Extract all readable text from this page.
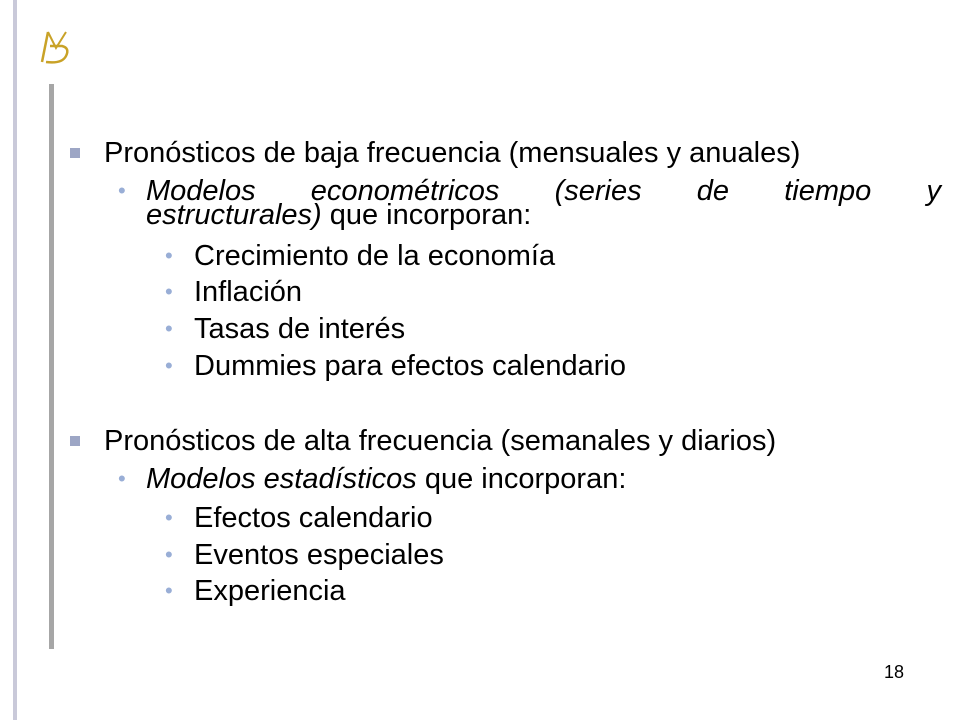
Pronósticos de baja frecuencia (mensuales y anuales)
• Modelos econométricos (series de tiempo y
estructurales) que incorporan:
• Crecimiento de la economía
• Inflación
• Tasas de interés
• Dummies para efectos calendario
Pronósticos de alta frecuencia (semanales y diarios)
• Modelos estadísticos que incorporan:
• Efectos calendario
• Eventos especiales
• Experiencia
18
